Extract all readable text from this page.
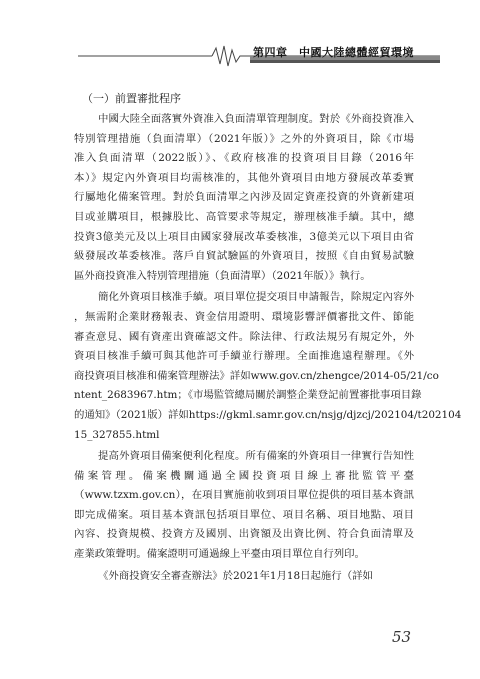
第四章　中國大陸總體經貿環境
（一）前置審批程序
中國大陸全面落實外資准入負面清單管理制度。對於《外商投資准入
特別管理措施（負面清單）（2021年版）》之外的外資項目，除《市場
准入負面清單（2022版）》、《政府核准的投資項目目錄（2016年
本）》規定內外資項目均需核准的，其他外資項目由地方發展改革委實
行屬地化備案管理。對於負面清單之內涉及固定資產投資的外資新建項
目或並購項目，根據股比、高管要求等規定，辦理核准手續。其中，總
投資3億美元及以上項目由國家發展改革委核准，3億美元以下項目由省
級發展改革委核准。落戶自貿試驗區的外資項目，按照《自由貿易試驗
區外商投資准入特別管理措施（負面清單）（2021年版）》執行。
簡化外資項目核准手續。項目單位提交項目申請報告，除規定內容外
，無需附企業財務報表、資金信用證明、環境影響評價審批文件、節能
審查意見、國有資產出資確認文件。除法律、行政法規另有規定外，外
資項目核准手續可與其他許可手續並行辦理。全面推進遠程辦理。《外
商投資項目核准和備案管理辦法》詳如www.gov.cn/zhengce/2014-05/21/co
ntent_2683967.htm；《市場監管總局關於調整企業登記前置審批事項目錄
的通知》（2021版）詳如https://gkml.samr.gov.cn/nsjg/djzcj/202104/t202104
15_327855.html
提高外資項目備案便利化程度。所有備案的外資項目一律實行告知性
備案管理。備案機關通過全國投資項目線上審批監管平臺
（www.tzxm.gov.cn），在項目實施前收到項目單位提供的項目基本資訊
即完成備案。項目基本資訊包括項目單位、項目名稱、項目地點、項目
內容、投資規模、投資方及國別、出資額及出資比例、符合負面清單及
產業政策聲明。備案證明可通過線上平臺由項目單位自行列印。
《外商投資安全審查辦法》於2021年1月18日起施行（詳如
53
